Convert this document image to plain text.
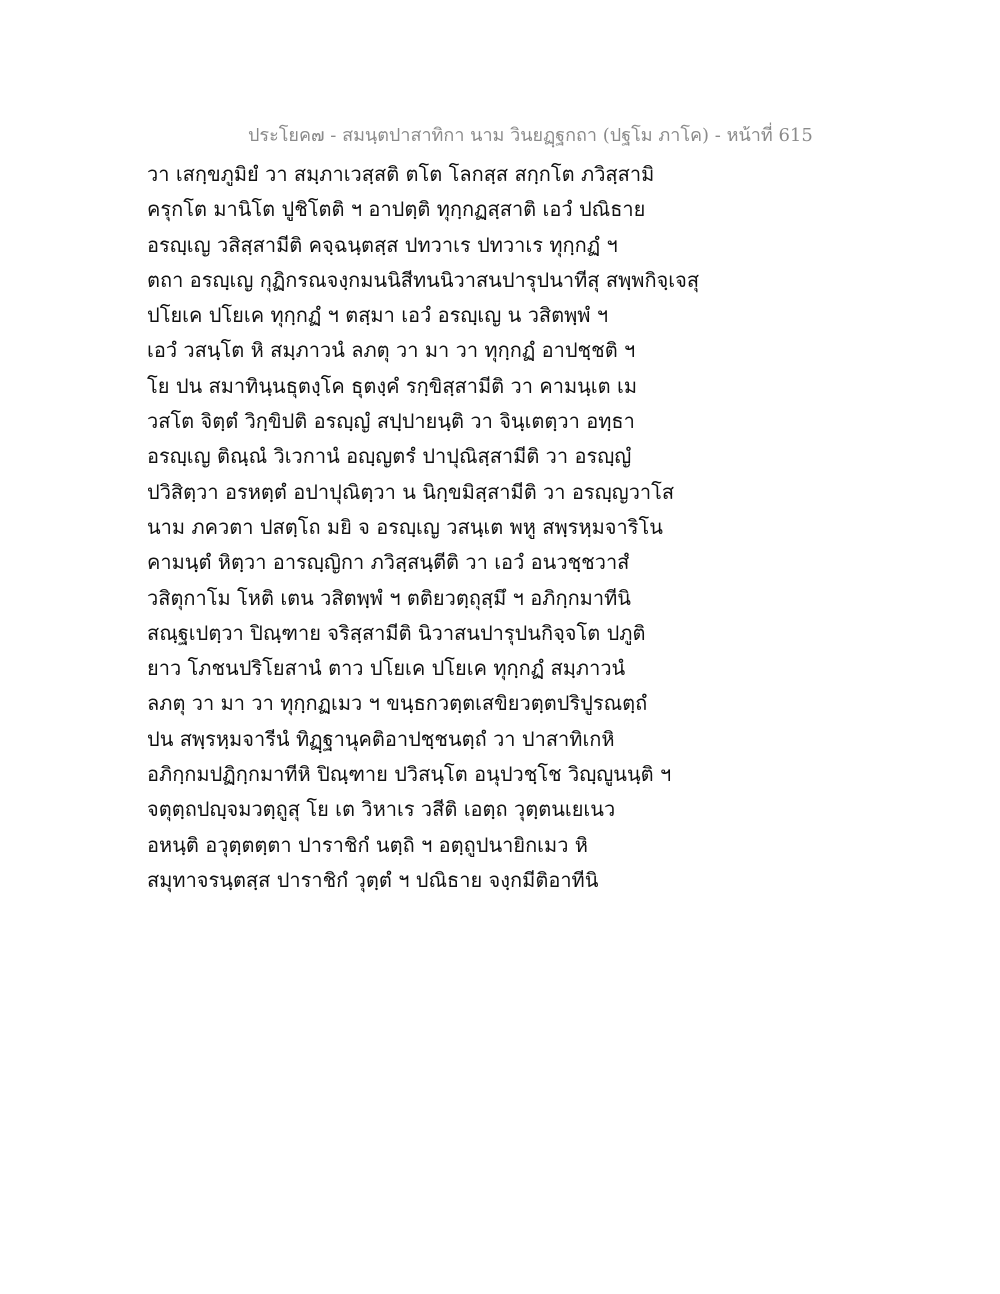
ประโยค๗ - สมนฺตปาสาทิกา นาม วินยฏฺฐกถา (ปฐโม ภาโค) - หน้าที่ 615
วา เสกฺขภูมิยํ วา สมฺภาเวสฺสติ ตโต โลกสฺส สกฺกโต ภวิสฺสามิ
ครุกโต มานิโต ปูชิโตติ ฯ อาปตฺติ ทุกฺกฏสฺสาติ เอวํ ปณิธาย
อรญฺเญ วสิสฺสามีติ คจฺฉนฺตสฺส ปทวาเร ปทวาเร ทุกฺกฏํ ฯ
ตถา อรญฺเญ กุฏิกรณจงฺกมนนิสีทนนิวาสนปารุปนาทีสุ สพฺพกิจฺเจสุ
ปโยเค ปโยเค ทุกฺกฏํ ฯ ตสฺมา เอวํ อรญฺเญ น วสิตพฺพํ ฯ
เอวํ วสนฺโต หิ สมฺภาวนํ ลภตุ วา มา วา ทุกฺกฏํ อาปชฺชติ ฯ
โย ปน สมาทินฺนธุตงฺโค ธุตงฺคํ รกฺขิสฺสามีติ วา คามนฺเต เม
วสโต จิตฺตํ วิกฺขิปติ อรญฺญํ สปฺปายนฺติ วา จินฺเตตฺวา อทฺธา
อรญฺเญ ติณฺณํ วิเวกานํ อญฺญตรํ ปาปุณิสฺสามีติ วา อรญฺญํ
ปวิสิตฺวา อรหตฺตํ อปาปุณิตฺวา น นิกฺขมิสฺสามีติ วา อรญฺญวาโส
นาม ภควตา ปสตฺโถ มยิ จ อรญฺเญ วสนฺเต พหู สพฺรหฺมจาริโน
คามนฺตํ หิตฺวา อารญฺญิกา ภวิสฺสนฺตีติ วา เอวํ อนวชฺชวาสํ
วสิตุกาโม โหติ เตน วสิตพฺพํ ฯ ตติยวตฺถุสฺมึ ฯ อภิกฺกมาทีนิ
สณฺฐเปตฺวา ปิณฺฑาย จริสฺสามีติ นิวาสนปารุปนกิจฺจโต ปภูติ
ยาว โภชนปริโยสานํ ตาว ปโยเค ปโยเค ทุกฺกฏํ สมฺภาวนํ
ลภตุ วา มา วา ทุกฺกฏเมว ฯ ขนฺธกวตฺตเสขิยวตฺตปริปูรณตฺถํ
ปน สพฺรหฺมจารีนํ ทิฏฺฐานุคติอาปชฺชนตฺถํ วา ปาสาทิเกหิ
อภิกฺกมปฏิกฺกมาทีหิ ปิณฺฑาย ปวิสนฺโต อนุปวชฺโช วิญฺญูนนฺติ ฯ
จตุตฺถปญฺจมวตฺถูสุ โย เต วิหาเร วสีติ เอตฺถ วุตฺตนเยเนว
อหนฺติ อวุตฺตตฺตา ปาราชิกํ นตฺถิ ฯ อตฺถูปนายิกเมว หิ
สมุทาจรนฺตสฺส ปาราชิกํ วุตฺตํ ฯ ปณิธาย จงฺกมีติอาทีนิ
